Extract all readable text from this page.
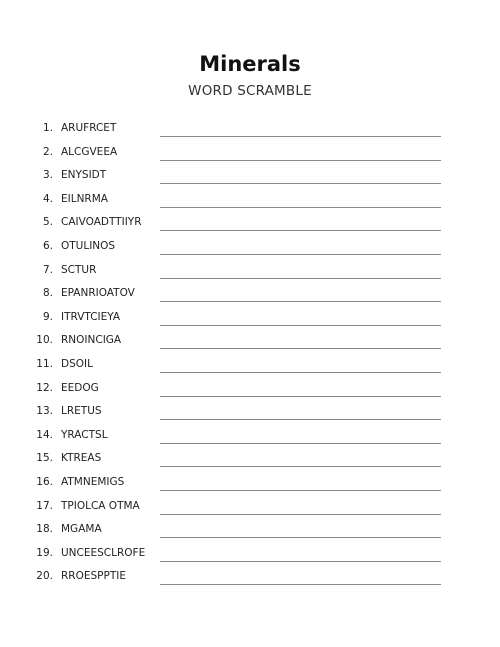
Minerals
WORD SCRAMBLE
1. ARUFRCET
2. ALCGVEEA
3. ENYSIDT
4. EILNRMA
5. CAIVOADTTIIYR
6. OTULINOS
7. SCTUR
8. EPANRIOATOV
9. ITRVTCIEYA
10. RNOINCIGA
11. DSOIL
12. EEDOG
13. LRETUS
14. YRACTSL
15. KTREAS
16. ATMNEMIGS
17. TPIOLCA OTMA
18. MGAMA
19. UNCEESCLROFE
20. RROESPPTIE
